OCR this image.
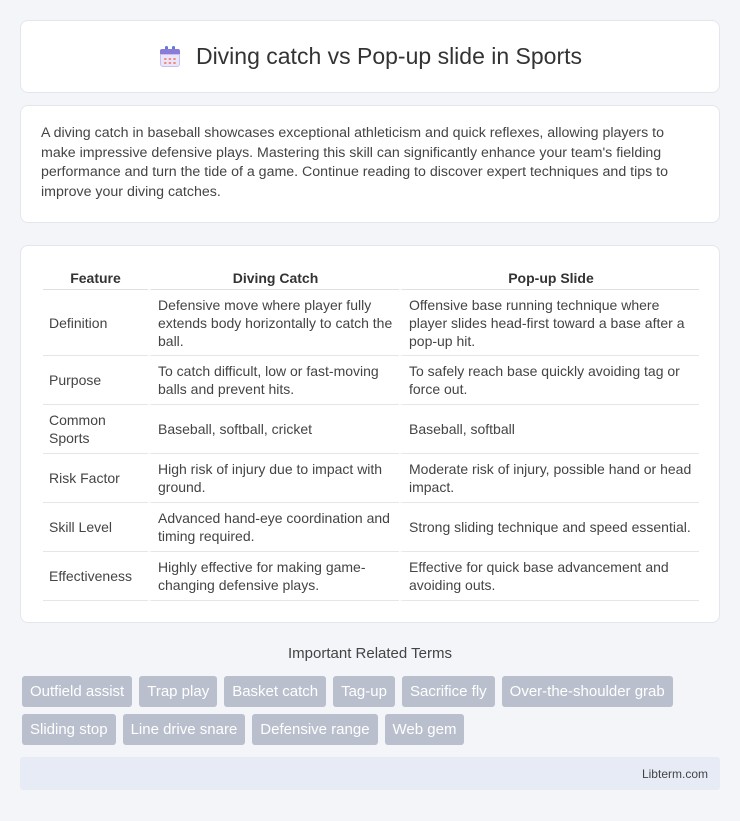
Diving catch vs Pop-up slide in Sports

A diving catch in baseball showcases exceptional athleticism and quick reflexes, allowing players to make impressive defensive plays. Mastering this skill can significantly enhance your team's fielding performance and turn the tide of a game. Continue reading to discover expert techniques and tips to improve your diving catches.

Feature	Diving Catch	Pop-up Slide
Definition	Defensive move where player fully extends body horizontally to catch the ball.	Offensive base running technique where player slides head-first toward a base after a pop-up hit.
Purpose	To catch difficult, low or fast-moving balls and prevent hits.	To safely reach base quickly avoiding tag or force out.
Common Sports	Baseball, softball, cricket	Baseball, softball
Risk Factor	High risk of injury due to impact with ground.	Moderate risk of injury, possible hand or head impact.
Skill Level	Advanced hand-eye coordination and timing required.	Strong sliding technique and speed essential.
Effectiveness	Highly effective for making game-changing defensive plays.	Effective for quick base advancement and avoiding outs.
Important Related Terms
Outfield assist	Trap play	Basket catch	Tag-up	Sacrifice fly	Over-the-shoulder grab
Sliding stop	Line drive snare	Defensive range	Web gem
Libterm.com
